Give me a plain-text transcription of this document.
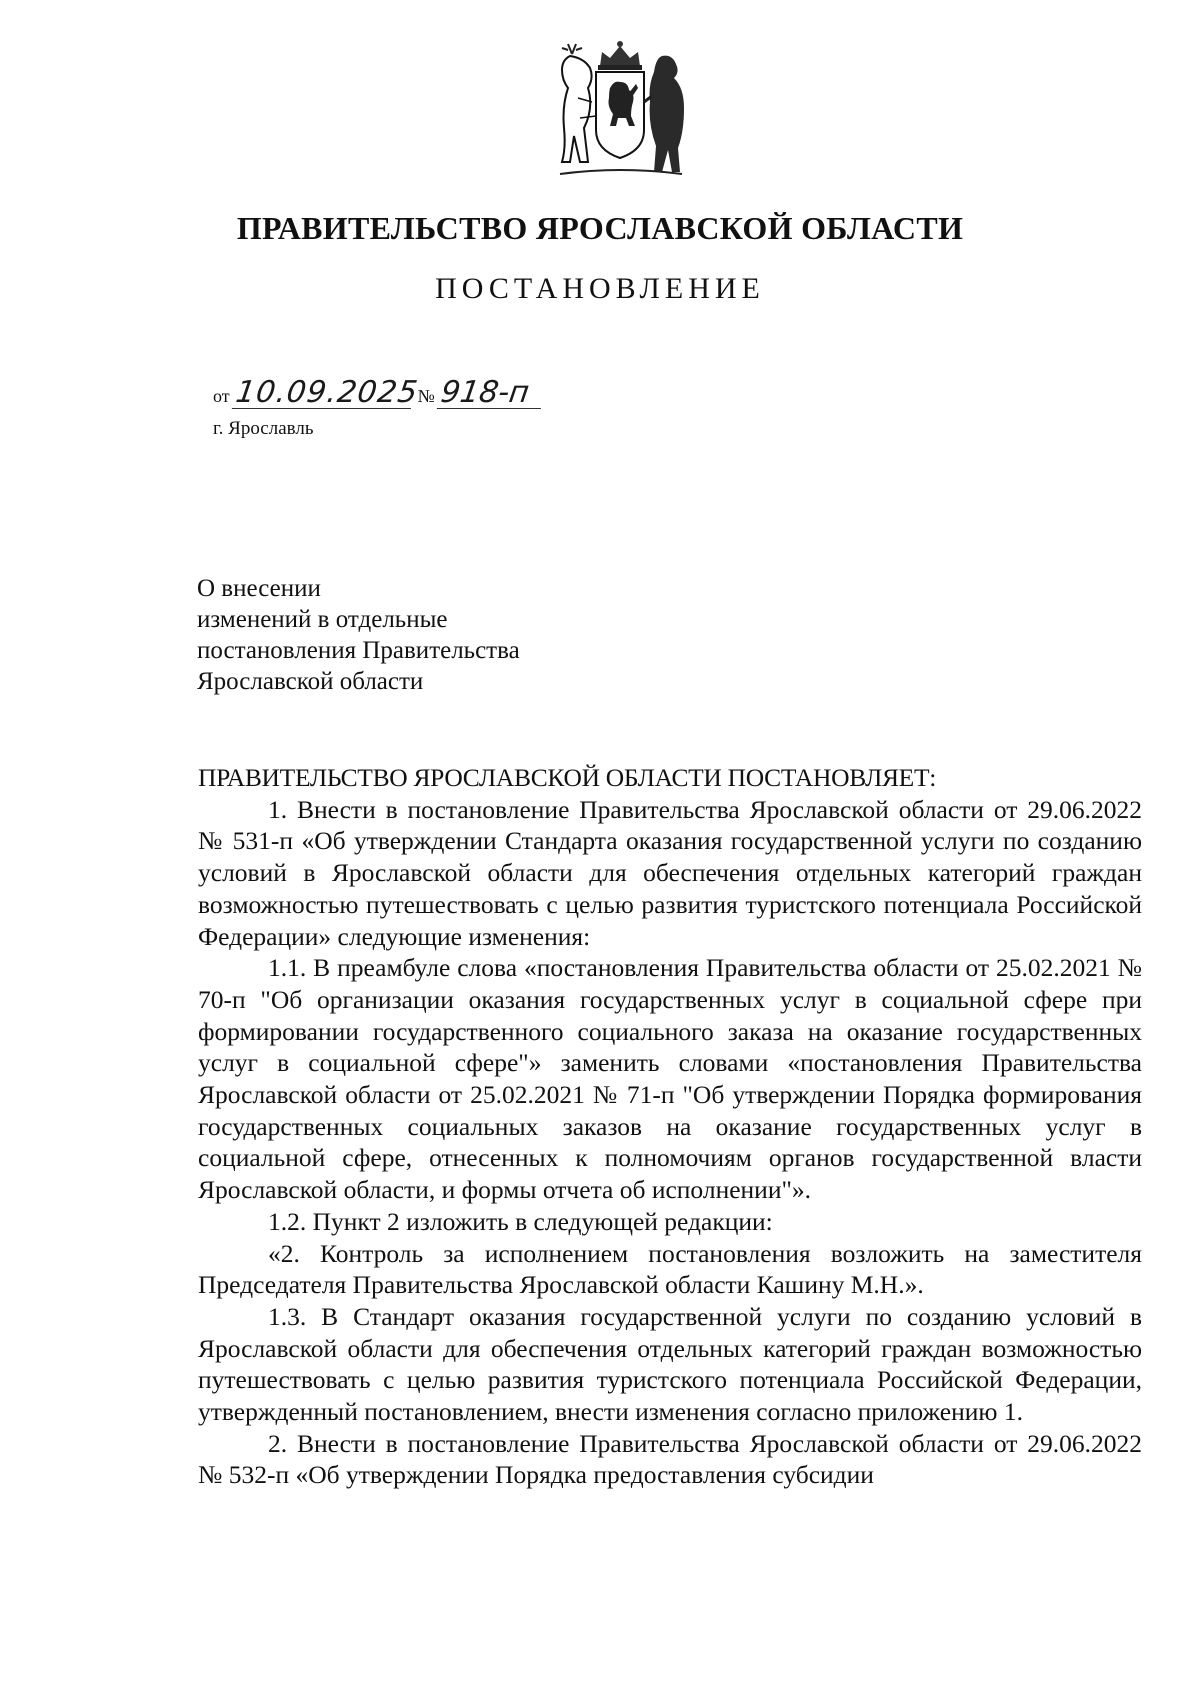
ПРАВИТЕЛЬСТВО ЯРОСЛАВСКОЙ ОБЛАСТИ
ПОСТАНОВЛЕНИЕ
от 10.09.2025 № 918-п
г. Ярославль
О внесении
изменений в отдельные
постановления Правительства
Ярославской области
ПРАВИТЕЛЬСТВО ЯРОСЛАВСКОЙ ОБЛАСТИ ПОСТАНОВЛЯЕТ:

1. Внести в постановление Правительства Ярославской области от 29.06.2022 № 531-п «Об утверждении Стандарта оказания государственной услуги по созданию условий в Ярославской области для обеспечения отдельных категорий граждан возможностью путешествовать с целью развития туристского потенциала Российской Федерации» следующие изменения:

1.1. В преамбуле слова «постановления Правительства области от 25.02.2021 № 70-п "Об организации оказания государственных услуг в социальной сфере при формировании государственного социального заказа на оказание государственных услуг в социальной сфере"» заменить словами «постановления Правительства Ярославской области от 25.02.2021 № 71-п "Об утверждении Порядка формирования государственных социальных заказов на оказание государственных услуг в социальной сфере, отнесенных к полномочиям органов государственной власти Ярославской области, и формы отчета об исполнении"».

1.2. Пункт 2 изложить в следующей редакции:

«2. Контроль за исполнением постановления возложить на заместителя Председателя Правительства Ярославской области Кашину М.Н.».

1.3. В Стандарт оказания государственной услуги по созданию условий в Ярославской области для обеспечения отдельных категорий граждан возможностью путешествовать с целью развития туристского потенциала Российской Федерации, утвержденный постановлением, внести изменения согласно приложению 1.

2. Внести в постановление Правительства Ярославской области от 29.06.2022 № 532-п «Об утверждении Порядка предоставления субсидии
